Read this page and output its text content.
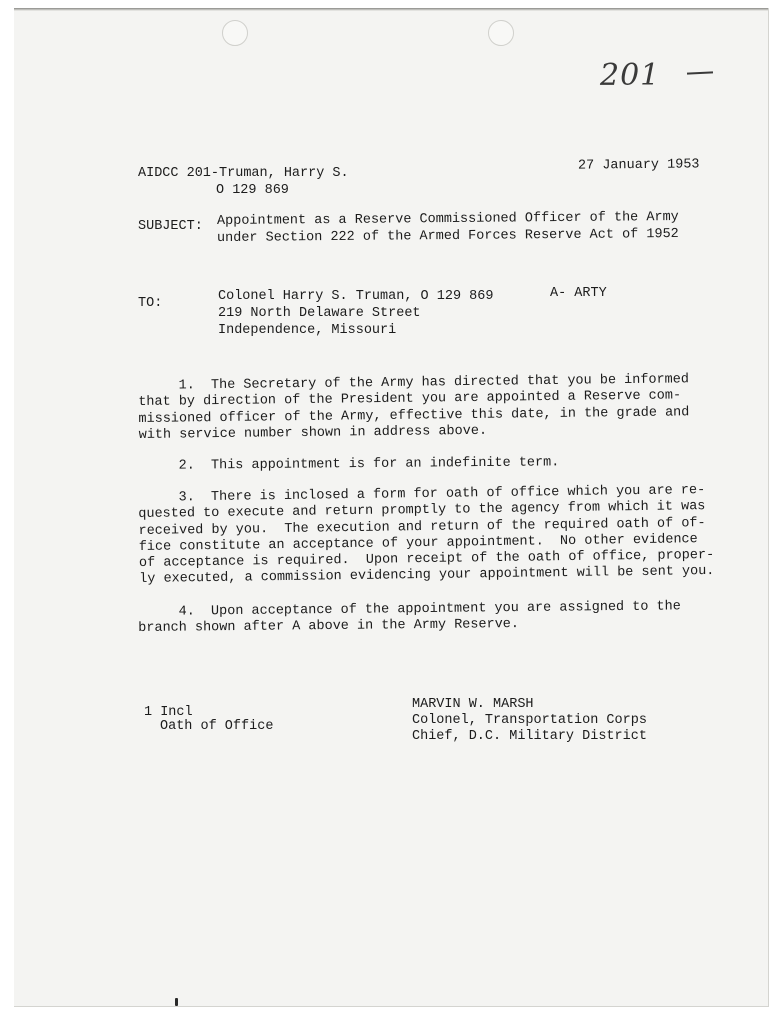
201
AIDCC 201-Truman, Harry S.
O 129 869
27 January 1953
SUBJECT: Appointment as a Reserve Commissioned Officer of the Army
under Section 222 of the Armed Forces Reserve Act of 1952
TO:	Colonel Harry S. Truman, O 129 869	A- ARTY
219 North Delaware Street
Independence, Missouri
1.  The Secretary of the Army has directed that you be informed
that by direction of the President you are appointed a Reserve com-
missioned officer of the Army, effective this date, in the grade and
with service number shown in address above.
2.  This appointment is for an indefinite term.
3.  There is inclosed a form for oath of office which you are re-
quested to execute and return promptly to the agency from which it was
received by you.  The execution and return of the required oath of of-
fice constitute an acceptance of your appointment.  No other evidence
of acceptance is required.  Upon receipt of the oath of office, proper-
ly executed, a commission evidencing your appointment will be sent you.
4.  Upon acceptance of the appointment you are assigned to the
branch shown after A above in the Army Reserve.
1 Incl
Oath of Office
MARVIN W. MARSH
Colonel, Transportation Corps
Chief, D.C. Military District
